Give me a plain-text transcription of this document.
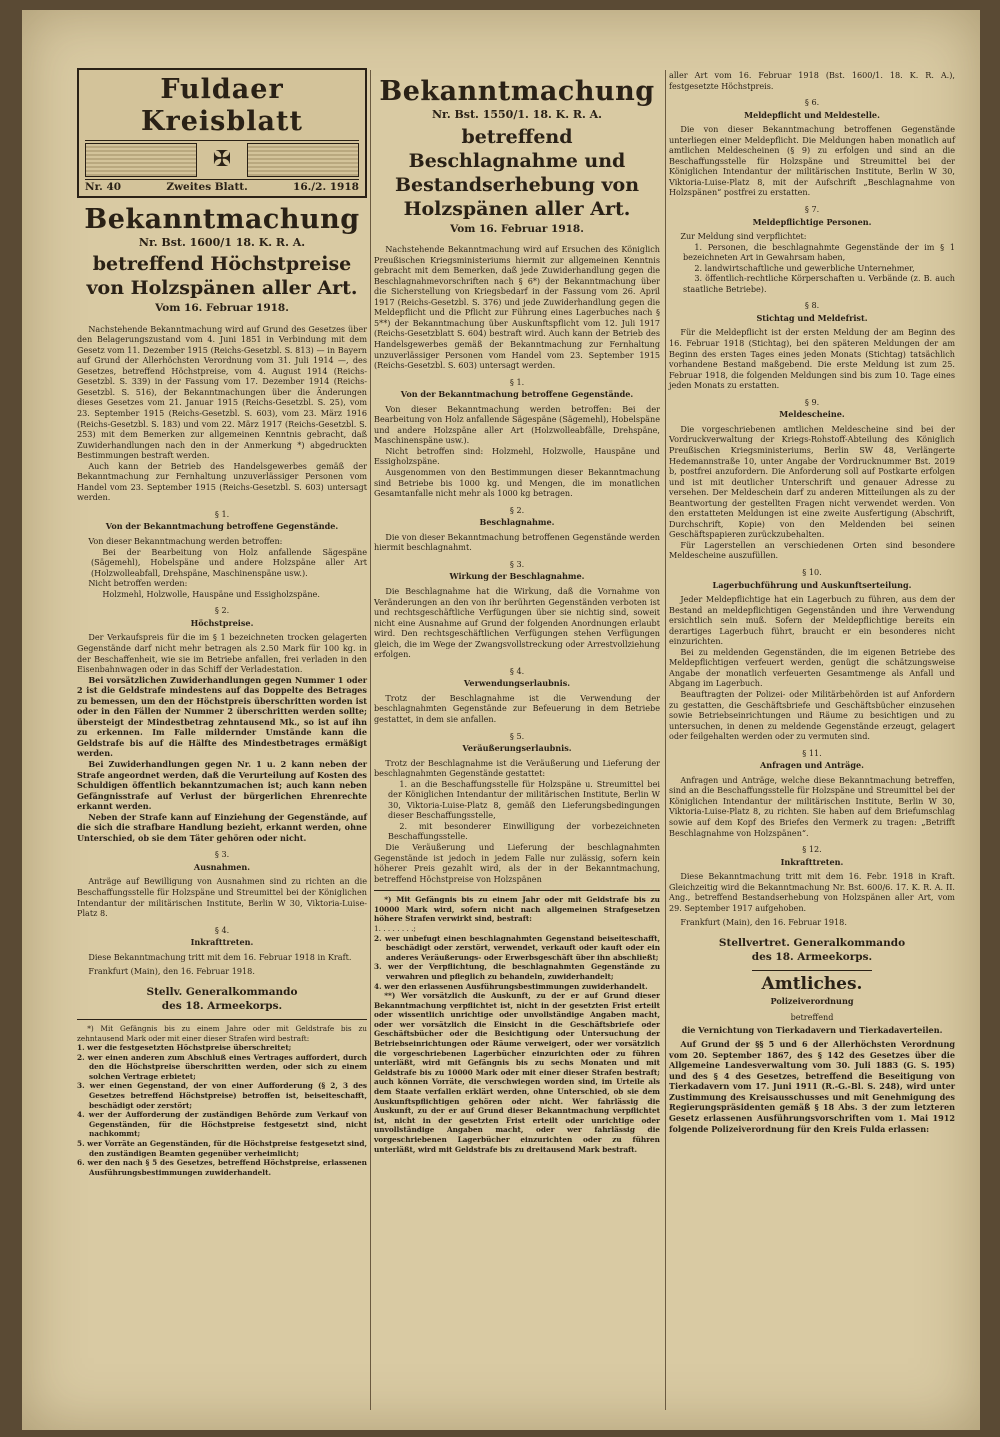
Fuldaer Kreisblatt
✠
Nr. 40	Zweites Blatt.	16./2. 1918
Bekanntmachung
Nr. Bst. 1600/1 18. K. R. A.
betreffend Höchstpreise von Holzspänen aller Art.
Vom 16. Februar 1918.

Nachstehende Bekanntmachung wird auf Grund des Gesetzes über den Belagerungszustand vom 4. Juni 1851 in Verbindung mit dem Gesetz vom 11. Dezember 1915 (Reichs-Gesetzbl. S. 813) — in Bayern auf Grund der Allerhöchsten Verordnung vom 31. Juli 1914 —, des Gesetzes, betreffend Höchstpreise, vom 4. August 1914 (Reichs-Gesetzbl. S. 339) in der Fassung vom 17. Dezember 1914 (Reichs-Gesetzbl. S. 516), der Bekanntmachungen über die Änderungen dieses Gesetzes vom 21. Januar 1915 (Reichs-Gesetzbl. S. 25), vom 23. September 1915 (Reichs-Gesetzbl. S. 603), vom 23. März 1916 (Reichs-Gesetzbl. S. 183) und vom 22. März 1917 (Reichs-Gesetzbl. S. 253) mit dem Bemerken zur allgemeinen Kenntnis gebracht, daß Zuwiderhandlungen nach den in der Anmerkung *) abgedruckten Bestimmungen bestraft werden.

Auch kann der Betrieb des Handelsgewerbes gemäß der Bekanntmachung zur Fernhaltung unzuverlässiger Personen vom Handel vom 23. September 1915 (Reichs-Gesetzbl. S. 603) untersagt werden.

§ 1.
Von der Bekanntmachung betroffene Gegenstände.

Von dieser Bekanntmachung werden betroffen:

Bei der Bearbeitung von Holz anfallende Sägespäne (Sägemehl), Hobelspäne und andere Holzspäne aller Art (Holzwolleabfall, Drehspäne, Maschinenspäne usw.).

Nicht betroffen werden:

Holzmehl, Holzwolle, Hauspäne und Essigholzspäne.

§ 2.
Höchstpreise.

Der Verkaufspreis für die im § 1 bezeichneten trocken gelagerten Gegenstände darf nicht mehr betragen als 2.50 Mark für 100 kg. in der Beschaffenheit, wie sie im Betriebe anfallen, frei verladen in den Eisenbahnwagen oder in das Schiff der Verladestation.

Bei vorsätzlichen Zuwiderhandlungen gegen Nummer 1 oder 2 ist die Geldstrafe mindestens auf das Doppelte des Betrages zu bemessen, um den der Höchstpreis überschritten worden ist oder in den Fällen der Nummer 2 überschritten werden sollte; übersteigt der Mindestbetrag zehntausend Mk., so ist auf ihn zu erkennen. Im Falle mildernder Umstände kann die Geldstrafe bis auf die Hälfte des Mindestbetrages ermäßigt werden.

Bei Zuwiderhandlungen gegen Nr. 1 u. 2 kann neben der Strafe angeordnet werden, daß die Verurteilung auf Kosten des Schuldigen öffentlich bekanntzumachen ist; auch kann neben Gefängnisstrafe auf Verlust der bürgerlichen Ehrenrechte erkannt werden.

Neben der Strafe kann auf Einziehung der Gegenstände, auf die sich die strafbare Handlung bezieht, erkannt werden, ohne Unterschied, ob sie dem Täter gehören oder nicht.

§ 3.
Ausnahmen.

Anträge auf Bewilligung von Ausnahmen sind zu richten an die Beschaffungsstelle für Holzspäne und Streumittel bei der Königlichen Intendantur der militärischen Institute, Berlin W 30, Viktoria-Luise-Platz 8.

§ 4.
Inkrafttreten.

Diese Bekanntmachung tritt mit dem 16. Februar 1918 in Kraft.

Frankfurt (Main), den 16. Februar 1918.

Stellv. Generalkommando
des 18. Armeekorps.

*) Mit Gefängnis bis zu einem Jahre oder mit Geldstrafe bis zu zehntausend Mark oder mit einer dieser Strafen wird bestraft:

1. wer die festgesetzten Höchstpreise überschreitet;

2. wer einen anderen zum Abschluß eines Vertrages auffordert, durch den die Höchstpreise überschritten werden, oder sich zu einem solchen Vertrage erbietet;

3. wer einen Gegenstand, der von einer Aufforderung (§ 2, 3 des Gesetzes betreffend Höchstpreise) betroffen ist, beiseiteschafft, beschädigt oder zerstört;

4. wer der Aufforderung der zuständigen Behörde zum Verkauf von Gegenständen, für die Höchstpreise festgesetzt sind, nicht nachkommt;

5. wer Vorräte an Gegenständen, für die Höchstpreise festgesetzt sind, den zuständigen Beamten gegenüber verheimlicht;

6. wer den nach § 5 des Gesetzes, betreffend Höchstpreise, erlassenen Ausführungsbestimmungen zuwiderhandelt.

Bekanntmachung
Nr. Bst. 1550/1. 18. K. R. A.
betreffend Beschlagnahme und Bestandserhebung von Holzspänen aller Art.
Vom 16. Februar 1918.

Nachstehende Bekanntmachung wird auf Ersuchen des Königlich Preußischen Kriegsministeriums hiermit zur allgemeinen Kenntnis gebracht mit dem Bemerken, daß jede Zuwiderhandlung gegen die Beschlagnahmevorschriften nach § 6*) der Bekanntmachung über die Sicherstellung von Kriegsbedarf in der Fassung vom 26. April 1917 (Reichs-Gesetzbl. S. 376) und jede Zuwiderhandlung gegen die Meldepflicht und die Pflicht zur Führung eines Lagerbuches nach § 5**) der Bekanntmachung über Auskunftspflicht vom 12. Juli 1917 (Reichs-Gesetzblatt S. 604) bestraft wird. Auch kann der Betrieb des Handelsgewerbes gemäß der Bekanntmachung zur Fernhaltung unzuverlässiger Personen vom Handel vom 23. September 1915 (Reichs-Gesetzbl. S. 603) untersagt werden.

§ 1.
Von der Bekanntmachung betroffene Gegenstände.

Von dieser Bekanntmachung werden betroffen: Bei der Bearbeitung von Holz anfallende Sägespäne (Sägemehl), Hobelspäne und andere Holzspäne aller Art (Holzwolleabfälle, Drehspäne, Maschinenspäne usw.).

Nicht betroffen sind: Holzmehl, Holzwolle, Hauspäne und Essigholzspäne.

Ausgenommen von den Bestimmungen dieser Bekanntmachung sind Betriebe bis 1000 kg. und Mengen, die im monatlichen Gesamtanfalle nicht mehr als 1000 kg betragen.

§ 2.
Beschlagnahme.

Die von dieser Bekanntmachung betroffenen Gegenstände werden hiermit beschlagnahmt.

§ 3.
Wirkung der Beschlagnahme.

Die Beschlagnahme hat die Wirkung, daß die Vornahme von Veränderungen an den von ihr berührten Gegenständen verboten ist und rechtsgeschäftliche Verfügungen über sie nichtig sind, soweit nicht eine Ausnahme auf Grund der folgenden Anordnungen erlaubt wird. Den rechtsgeschäftlichen Verfügungen stehen Verfügungen gleich, die im Wege der Zwangsvollstreckung oder Arrestvollziehung erfolgen.

§ 4.
Verwendungserlaubnis.

Trotz der Beschlagnahme ist die Verwendung der beschlagnahmten Gegenstände zur Befeuerung in dem Betriebe gestattet, in dem sie anfallen.

§ 5.
Veräußerungserlaubnis.

Trotz der Beschlagnahme ist die Veräußerung und Lieferung der beschlagnahmten Gegenstände gestattet:

1. an die Beschaffungsstelle für Holzspäne u. Streumittel bei der Königlichen Intendantur der militärischen Institute, Berlin W 30, Viktoria-Luise-Platz 8, gemäß den Lieferungsbedingungen dieser Beschaffungsstelle,

2. mit besonderer Einwilligung der vorbezeichneten Beschaffungsstelle.

Die Veräußerung und Lieferung der beschlagnahmten Gegenstände ist jedoch in jedem Falle nur zulässig, sofern kein höherer Preis gezahlt wird, als der in der Bekanntmachung, betreffend Höchstpreise von Holzspänen

*) Mit Gefängnis bis zu einem Jahr oder mit Geldstrafe bis zu 10000 Mark wird, sofern nicht nach allgemeinen Strafgesetzen höhere Strafen verwirkt sind, bestraft:

1. . . . . . . .;

2. wer unbefugt einen beschlagnahmten Gegenstand beiseiteschafft, beschädigt oder zerstört, verwendet, verkauft oder kauft oder ein anderes Veräußerungs- oder Erwerbsgeschäft über ihn abschließt;

3. wer der Verpflichtung, die beschlagnahmten Gegenstände zu verwahren und pfleglich zu behandeln, zuwiderhandelt;

4. wer den erlassenen Ausführungsbestimmungen zuwiderhandelt.

**) Wer vorsätzlich die Auskunft, zu der er auf Grund dieser Bekanntmachung verpflichtet ist, nicht in der gesetzten Frist erteilt oder wissentlich unrichtige oder unvollständige Angaben macht, oder wer vorsätzlich die Einsicht in die Geschäftsbriefe oder Geschäftsbücher oder die Besichtigung oder Untersuchung der Betriebseinrichtungen oder Räume verweigert, oder wer vorsätzlich die vorgeschriebenen Lagerbücher einzurichten oder zu führen unterläßt, wird mit Gefängnis bis zu sechs Monaten und mit Geldstrafe bis zu 10000 Mark oder mit einer dieser Strafen bestraft; auch können Vorräte, die verschwiegen worden sind, im Urteile als dem Staate verfallen erklärt werden, ohne Unterschied, ob sie dem Auskunftspflichtigen gehören oder nicht. Wer fahrlässig die Auskunft, zu der er auf Grund dieser Bekanntmachung verpflichtet ist, nicht in der gesetzten Frist erteilt oder unrichtige oder unvollständige Angaben macht, oder wer fahrlässig die vorgeschriebenen Lagerbücher einzurichten oder zu führen unterläßt, wird mit Geldstrafe bis zu dreitausend Mark bestraft.

aller Art vom 16. Februar 1918 (Bst. 1600/1. 18. K. R. A.), festgesetzte Höchstpreis.

§ 6.
Meldepflicht und Meldestelle.

Die von dieser Bekanntmachung betroffenen Gegenstände unterliegen einer Meldepflicht. Die Meldungen haben monatlich auf amtlichen Meldescheinen (§ 9) zu erfolgen und sind an die Beschaffungsstelle für Holzspäne und Streumittel bei der Königlichen Intendantur der militärischen Institute, Berlin W 30, Viktoria-Luise-Platz 8, mit der Aufschrift „Beschlagnahme von Holzspänen“ postfrei zu erstatten.

§ 7.
Meldepflichtige Personen.

Zur Meldung sind verpflichtet:

1. Personen, die beschlagnahmte Gegenstände der im § 1 bezeichneten Art in Gewahrsam haben,

2. landwirtschaftliche und gewerbliche Unternehmer,

3. öffentlich-rechtliche Körperschaften u. Verbände (z. B. auch staatliche Betriebe).

§ 8.
Stichtag und Meldefrist.

Für die Meldepflicht ist der ersten Meldung der am Beginn des 16. Februar 1918 (Stichtag), bei den späteren Meldungen der am Beginn des ersten Tages eines jeden Monats (Stichtag) tatsächlich vorhandene Bestand maßgebend. Die erste Meldung ist zum 25. Februar 1918, die folgenden Meldungen sind bis zum 10. Tage eines jeden Monats zu erstatten.

§ 9.
Meldescheine.

Die vorgeschriebenen amtlichen Meldescheine sind bei der Vordruckverwaltung der Kriegs-Rohstoff-Abteilung des Königlich Preußischen Kriegsministeriums, Berlin SW 48, Verlängerte Hedemannstraße 10, unter Angabe der Vordrucknummer Bst. 2019 b, postfrei anzufordern. Die Anforderung soll auf Postkarte erfolgen und ist mit deutlicher Unterschrift und genauer Adresse zu versehen. Der Meldeschein darf zu anderen Mitteilungen als zu der Beantwortung der gestellten Fragen nicht verwendet werden. Von den erstatteten Meldungen ist eine zweite Ausfertigung (Abschrift, Durchschrift, Kopie) von den Meldenden bei seinen Geschäftspapieren zurückzubehalten.

Für Lagerstellen an verschiedenen Orten sind besondere Meldescheine auszufüllen.

§ 10.
Lagerbuchführung und Auskunftserteilung.

Jeder Meldepflichtige hat ein Lagerbuch zu führen, aus dem der Bestand an meldepflichtigen Gegenständen und ihre Verwendung ersichtlich sein muß. Sofern der Meldepflichtige bereits ein derartiges Lagerbuch führt, braucht er ein besonderes nicht einzurichten.

Bei zu meldenden Gegenständen, die im eigenen Betriebe des Meldepflichtigen verfeuert werden, genügt die schätzungsweise Angabe der monatlich verfeuerten Gesamtmenge als Anfall und Abgang im Lagerbuch.

Beauftragten der Polizei- oder Militärbehörden ist auf Anfordern zu gestatten, die Geschäftsbriefe und Geschäftsbücher einzusehen sowie Betriebseinrichtungen und Räume zu besichtigen und zu untersuchen, in denen zu meldende Gegenstände erzeugt, gelagert oder feilgehalten werden oder zu vermuten sind.

§ 11.
Anfragen und Anträge.

Anfragen und Anträge, welche diese Bekanntmachung betreffen, sind an die Beschaffungsstelle für Holzspäne und Streumittel bei der Königlichen Intendantur der militärischen Institute, Berlin W 30, Viktoria-Luise-Platz 8, zu richten. Sie haben auf dem Briefumschlag sowie auf dem Kopf des Briefes den Vermerk zu tragen: „Betrifft Beschlagnahme von Holzspänen“.

§ 12.
Inkrafttreten.

Diese Bekanntmachung tritt mit dem 16. Febr. 1918 in Kraft. Gleichzeitig wird die Bekanntmachung Nr. Bst. 600/6. 17. K. R. A. II. Ang., betreffend Bestandserhebung von Holzspänen aller Art, vom 29. September 1917 aufgehoben.

Frankfurt (Main), den 16. Februar 1918.

Stellvertret. Generalkommando
des 18. Armeekorps.
Amtliches.
Polizeiverordnung
betreffend
die Vernichtung von Tierkadavern und Tierkadaverteilen.

Auf Grund der §§ 5 und 6 der Allerhöchsten Verordnung vom 20. September 1867, des § 142 des Gesetzes über die Allgemeine Landesverwaltung vom 30. Juli 1883 (G. S. 195) und des § 4 des Gesetzes, betreffend die Beseitigung von Tierkadavern vom 17. Juni 1911 (R.-G.-Bl. S. 248), wird unter Zustimmung des Kreisausschusses und mit Genehmigung des Regierungspräsidenten gemäß § 18 Abs. 3 der zum letzteren Gesetz erlassenen Ausführungsvorschriften vom 1. Mai 1912 folgende Polizeiverordnung für den Kreis Fulda erlassen:
